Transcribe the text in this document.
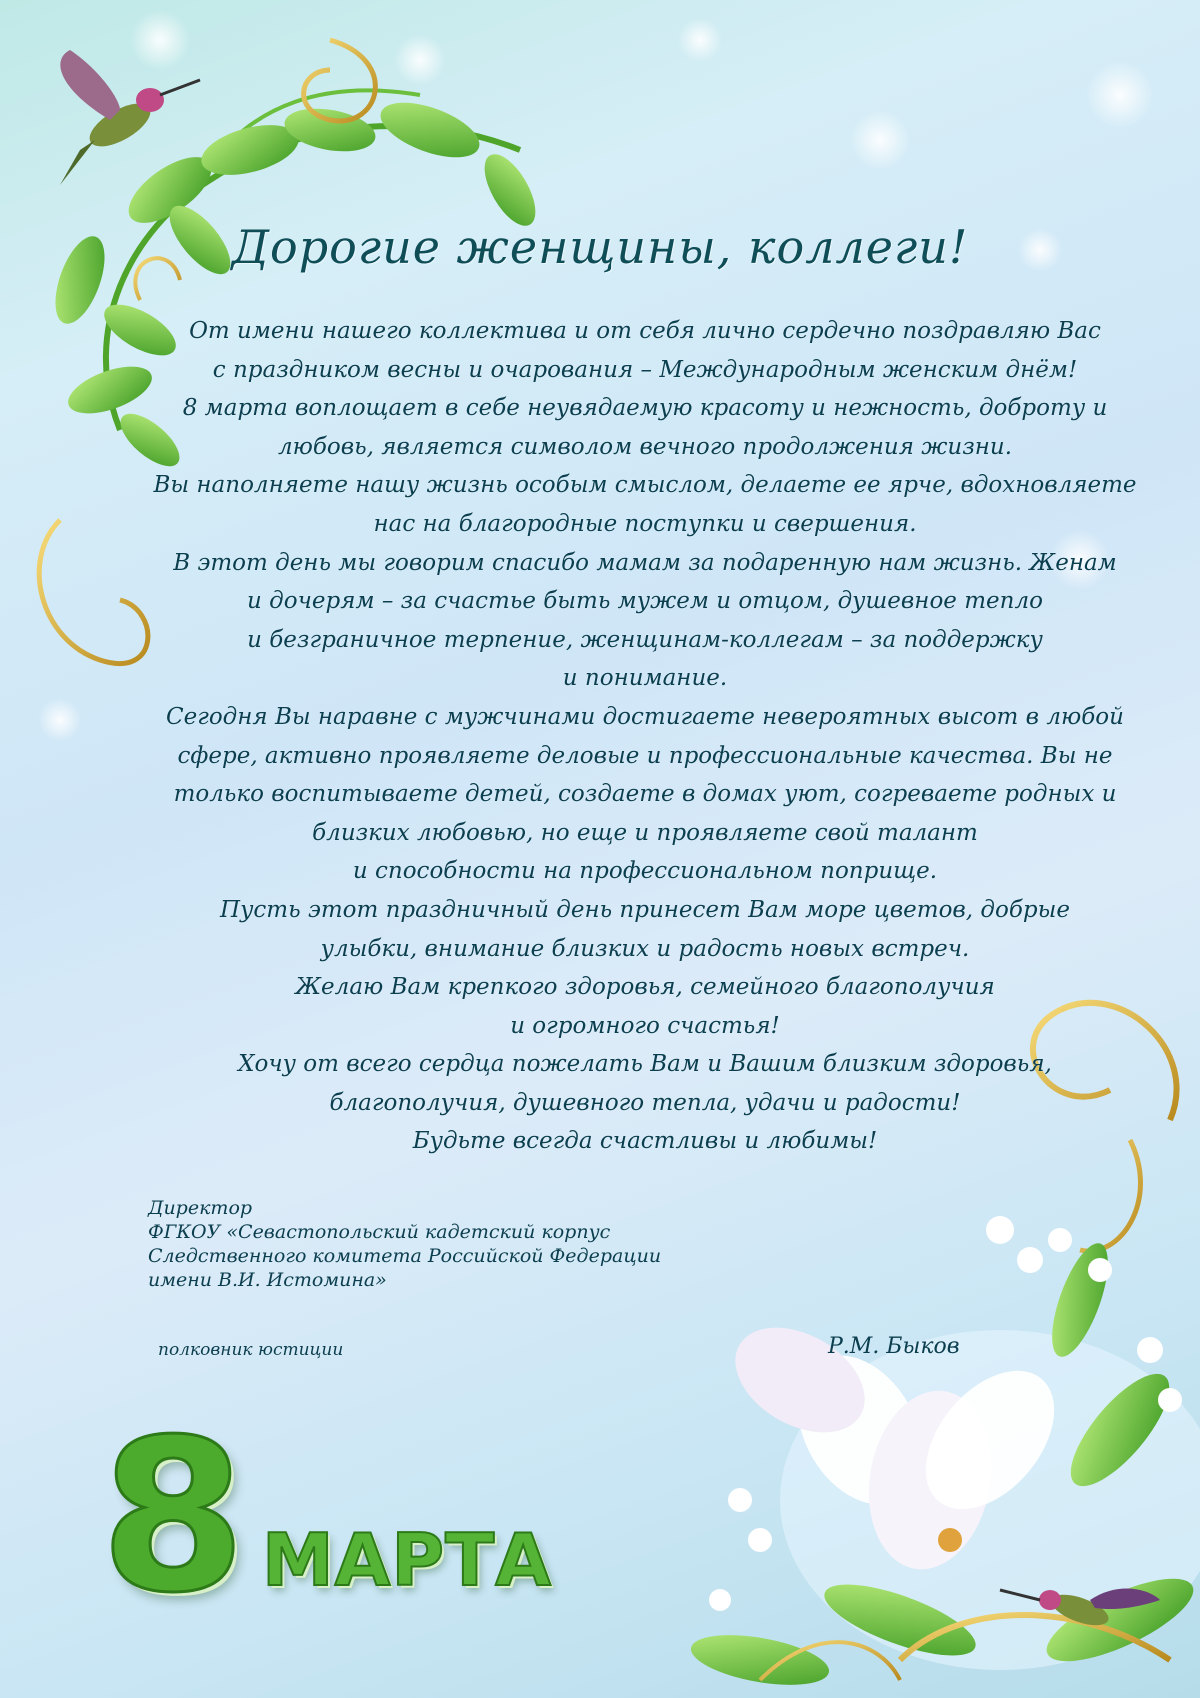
Дорогие женщины, коллеги!
От имени нашего коллектива и от себя лично сердечно поздравляю Вас
с праздником весны и очарования – Международным женским днём!
8 марта воплощает в себе неувядаемую красоту и нежность, доброту и
любовь, является символом вечного продолжения жизни.
Вы наполняете нашу жизнь особым смыслом, делаете ее ярче, вдохновляете
нас на благородные поступки и свершения.
В этот день мы говорим спасибо мамам за подаренную нам жизнь. Женам
и дочерям – за счастье быть мужем и отцом, душевное тепло
и безграничное терпение, женщинам-коллегам – за поддержку
и понимание.
Сегодня Вы наравне с мужчинами достигаете невероятных высот в любой
сфере, активно проявляете деловые и профессиональные качества. Вы не
только воспитываете детей, создаете в домах уют, согреваете родных и
близких любовью, но еще и проявляете свой талант
и способности на профессиональном поприще.
Пусть этот праздничный день принесет Вам море цветов, добрые
улыбки, внимание близких и радость новых встреч.
Желаю Вам крепкого здоровья, семейного благополучия
и огромного счастья!
Хочу от всего сердца пожелать Вам и Вашим близким здоровья,
благополучия, душевного тепла, удачи и радости!
Будьте всегда счастливы и любимы!
Директор
ФГКОУ «Севастопольский кадетский корпус
Следственного комитета Российской Федерации
имени В.И. Истомина»
полковник юстиции	Р.М. Быков
8 МАРТА
